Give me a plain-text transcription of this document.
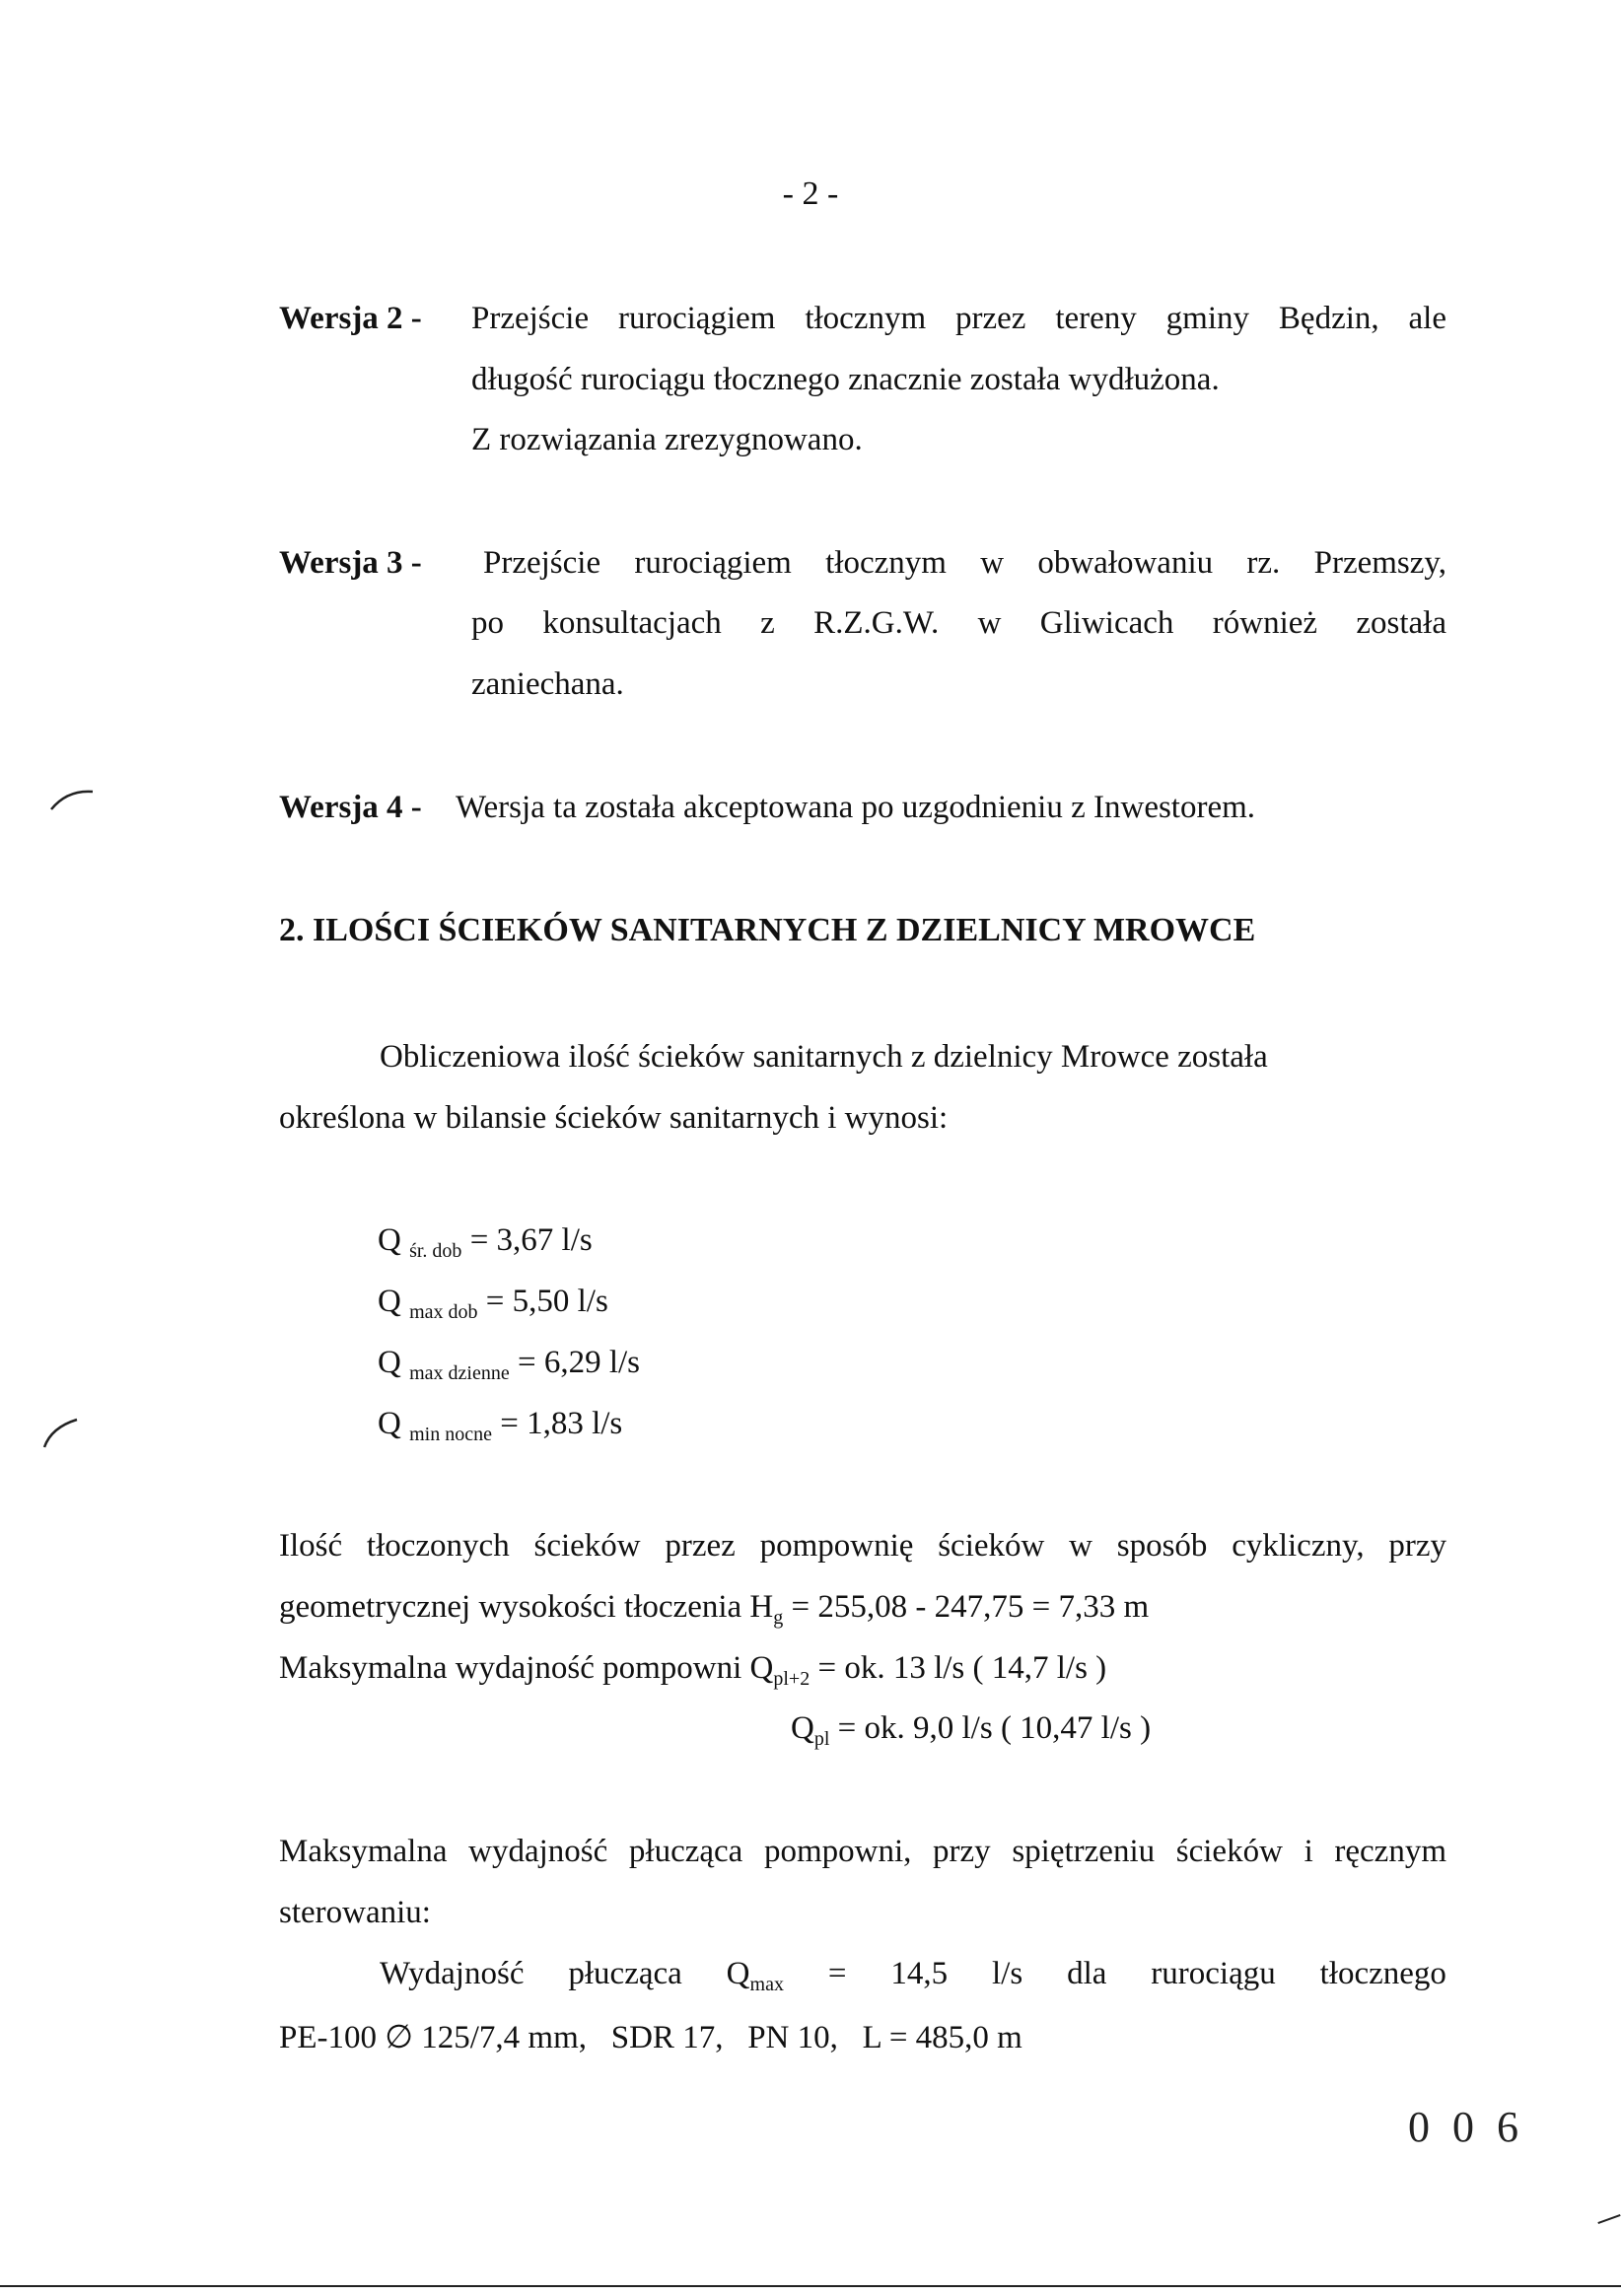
- 2 -
Wersja 2 - Przejście rurociągiem tłocznym przez tereny gminy Będzin, ale
długość rurociągu tłocznego znacznie została wydłużona.
Z rozwiązania zrezygnowano.
Wersja 3 - Przejście rurociągiem tłocznym w obwałowaniu rz. Przemszy,
po konsultacjach z R.Z.G.W. w Gliwicach również została
zaniechana.
Wersja 4 - Wersja ta została akceptowana po uzgodnieniu z Inwestorem.
2. ILOŚCI ŚCIEKÓW SANITARNYCH Z DZIELNICY MROWCE
Obliczeniowa ilość ścieków sanitarnych z dzielnicy Mrowce została
określona w bilansie ścieków sanitarnych i wynosi:
Q $_{śr. dob}$ = 3,67 l/s
Q $_{max dob}$ = 5,50 l/s
Q $_{max dzienne}$ = 6,29 l/s
Q $_{min nocne}$ = 1,83 l/s
Ilość tłoczonych ścieków przez pompownię ścieków w sposób cykliczny, przy
geometrycznej wysokości tłoczenia $H_g = 255,08 - 247,75 = 7,33$ m
Maksymalna wydajność pompowni $Q_{pl+2}$ = ok. 13 l/s ( 14,7 l/s )
$Q_{pl}$ = ok. 9,0 l/s ( 10,47 l/s )
Maksymalna wydajność płucząca pompowni, przy spiętrzeniu ścieków i ręcznym
sterowaniu:
Wydajność płucząca $Q_{max} = 14,5$ l/s dla rurociągu tłocznego
PE-100 ∅ 125/7,4 mm,   SDR 17,   PN 10,   L = 485,0 m
0 0 6
